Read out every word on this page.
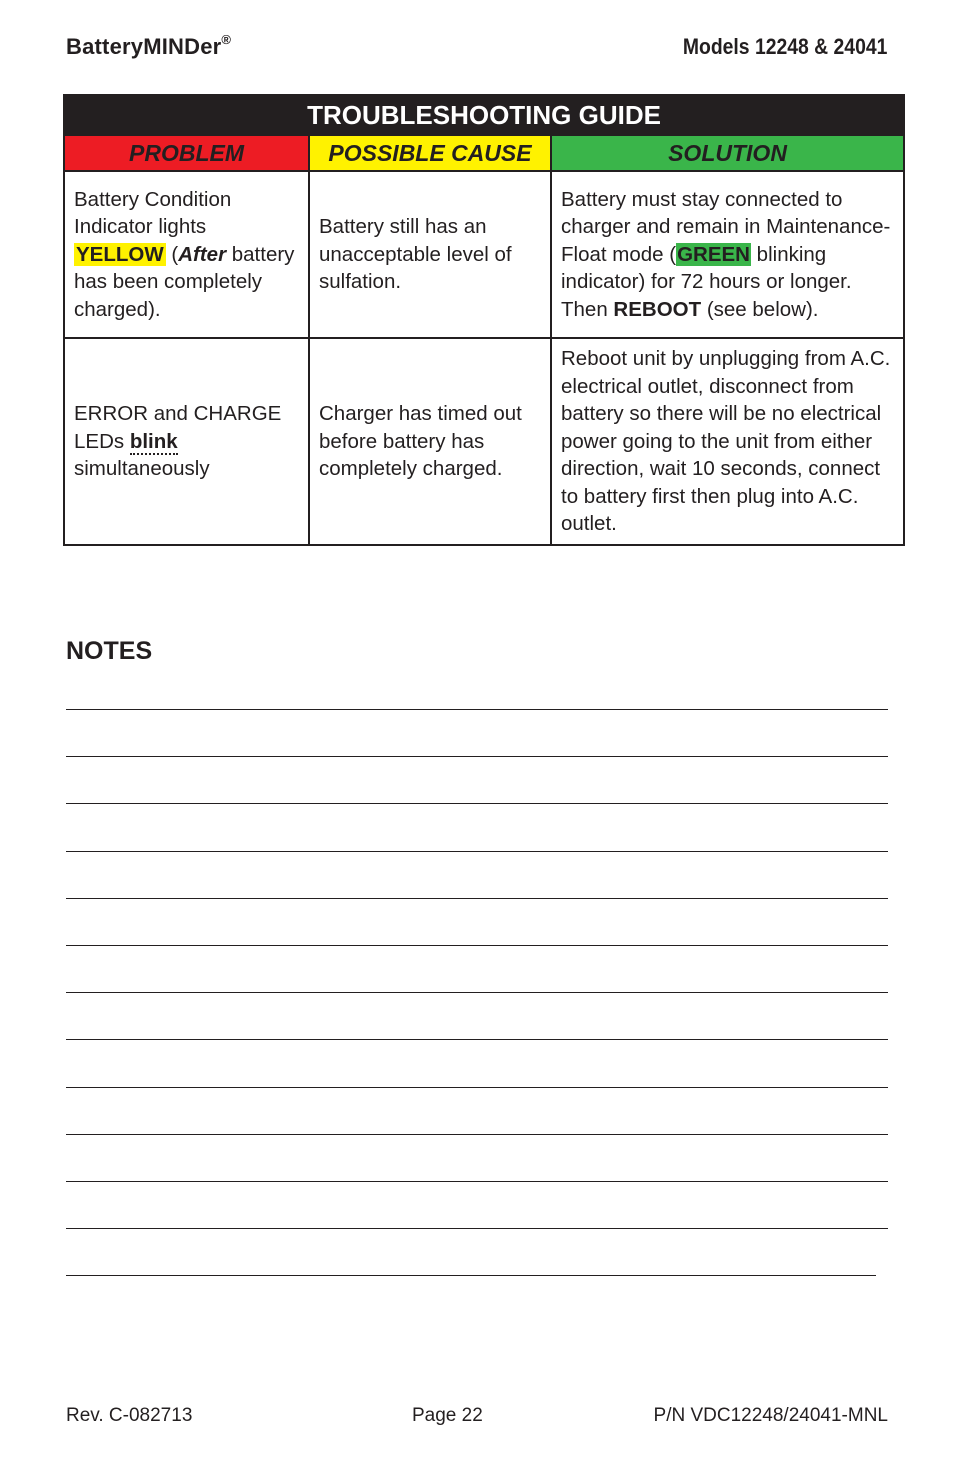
BatteryMINDer®	Models 12248 & 24041
TROUBLESHOOTING GUIDE		
PROBLEM	POSSIBLE CAUSE	SOLUTION
Battery Condition Indicator lights YELLOW (After battery has been completely charged).	Battery still has an unacceptable level of sulfation.	Battery must stay connected to charger and remain in Maintenance-Float mode (GREEN blinking indicator) for 72 hours or longer. Then REBOOT (see below).
ERROR and CHARGE LEDs blink simultaneously	Charger has timed out before battery has completely charged.	Reboot unit by unplugging from A.C. electrical outlet, disconnect from battery so there will be no electrical power going to the unit from either direction, wait 10 seconds, connect to battery first then plug into A.C. outlet.
NOTES
Rev. C-082713	Page 22	P/N VDC12248/24041-MNL
